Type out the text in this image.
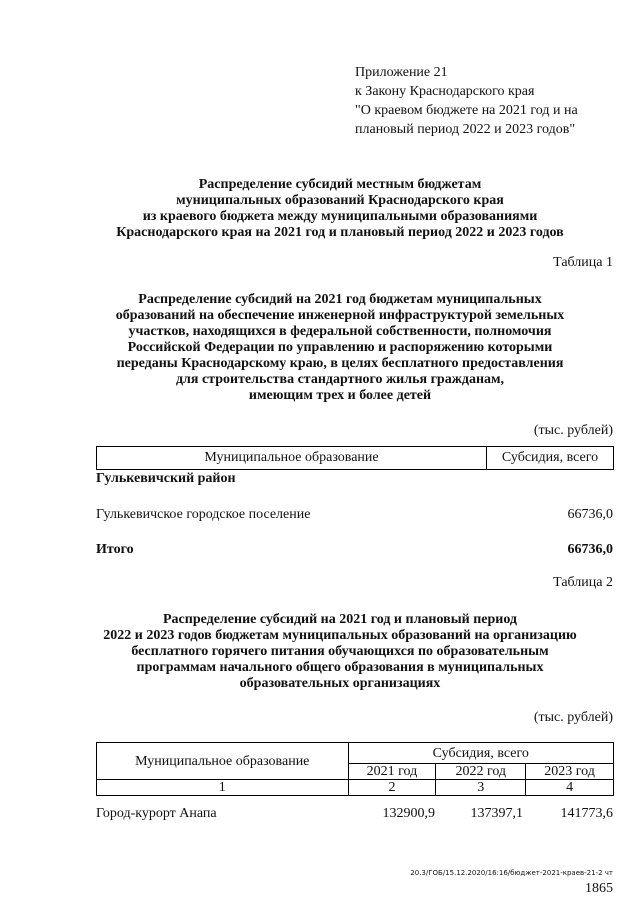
Приложение 21
к Закону Краснодарского края
"О краевом бюджете на 2021 год и на
плановый период 2022 и 2023 годов"
Распределение субсидий местным бюджетам
муниципальных образований Краснодарского края
из краевого бюджета между муниципальными образованиями
Краснодарского края на 2021 год и плановый период 2022 и 2023 годов
Таблица 1
Распределение субсидий на 2021 год бюджетам муниципальных
образований на обеспечение инженерной инфраструктурой земельных
участков, находящихся в федеральной собственности, полномочия
Российской Федерации по управлению и распоряжению которыми
переданы Краснодарскому краю, в целях бесплатного предоставления
для строительства стандартного жилья гражданам,
имеющим трех и более детей
(тыс. рублей)
Муниципальное образование	Субсидия, всего
Гулькевичский район
Гулькевичское городское поселение	66736,0
Итого	66736,0
Таблица 2
Распределение субсидий на 2021 год и плановый период
2022 и 2023 годов бюджетам муниципальных образований на организацию
бесплатного горячего питания обучающихся по образовательным
программам начального общего образования в муниципальных
образовательных организациях
(тыс. рублей)
Муниципальное образование	Субсидия, всего		
	2021 год	2022 год	2023 год
1	2	3	4
Город-курорт Анапа	132900,9	137397,1	141773,6
20.3/ГОБ/15.12.2020/16:16/бюджет-2021-краев-21-2 чт
1865
